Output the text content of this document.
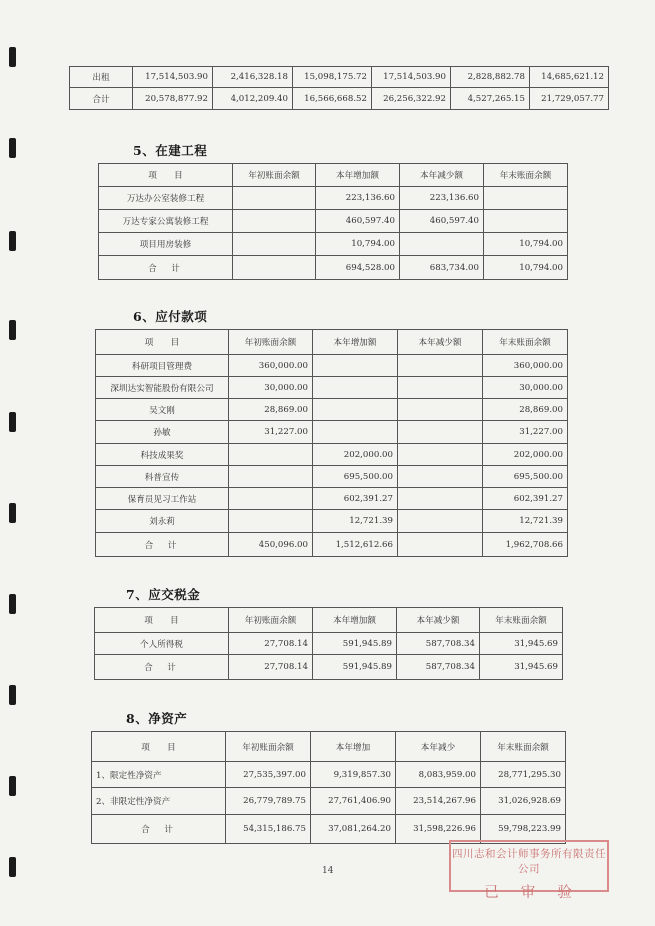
出租	17,514,503.90	2,416,328.18	15,098,175.72	17,514,503.90	2,828,882.78	14,685,621.12
合计	20,578,877.92	4,012,209.40	16,566,668.52	26,256,322.92	4,527,265.15	21,729,057.77
5、在建工程
项　　目	年初账面余额	本年增加额	本年减少额	年末账面余额
万达办公室装修工程		223,136.60	223,136.60	
万达专家公寓装修工程		460,597.40	460,597.40	
项目用房装修		10,794.00		10,794.00
合　计		694,528.00	683,734.00	10,794.00
6、应付款项
项　　目	年初账面余额	本年增加额	本年减少额	年末账面余额
科研项目管理费	360,000.00			360,000.00
深圳达实智能股份有限公司	30,000.00			30,000.00
吴文刚	28,869.00			28,869.00
孙敏	31,227.00			31,227.00
科技成果奖		202,000.00		202,000.00
科普宣传		695,500.00		695,500.00
保育员见习工作站		602,391.27		602,391.27
刘永莉		12,721.39		12,721.39
合　计	450,096.00	1,512,612.66		1,962,708.66
7、应交税金
项　　目	年初账面余额	本年增加额	本年减少额	年末账面余额
个人所得税	27,708.14	591,945.89	587,708.34	31,945.69
合　计	27,708.14	591,945.89	587,708.34	31,945.69
8、净资产
项　　目	年初账面余额	本年增加	本年减少	年末账面余额
1、限定性净资产	27,535,397.00	9,319,857.30	8,083,959.00	28,771,295.30
2、非限定性净资产	26,779,789.75	27,761,406.90	23,514,267.96	31,026,928.69
合　计	54,315,186.75	37,081,264.20	31,598,226.96	59,798,223.99
14
四川志和会计师事务所有限责任公司
已审验
